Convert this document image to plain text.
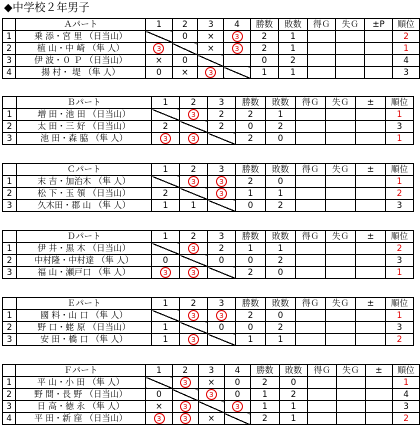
◆中学校２年男子
	Ａパート	1	2	3	4	勝数	敗数	得Ｇ	失Ｇ	±P	順位
1	乗 添・宮 里 （日当山）		0	×	3	2	1				2
2	植 山・中 崎 （隼 人）	3		×	3	2	1				1
3	伊 波・０ Ｐ （日当山）	×	0			0	2				4
4	揚 村・ 堤 （隼 人）	0	×	3		1	1				3
	Ｂパート	1	2	3	勝数	敗数	得Ｇ	失Ｇ	±	順位
1	増 田・池 田 （日当山）		3	2	2	1				1
2	太 田・三 好 （日当山）	2		2	0	2				3
3	池 田・森 脇 （隼 人）	3	3		2	0				1
	Ｃパート	1	2	3	勝数	敗数	得Ｇ	失Ｇ	±	順位
1	末 吉・加治木 （隼 人）		3	3	2	0				1
2	松 下・玉 領 （日当山）	2		3	1	1				2
3	久木田・郡 山 （隼 人）	1	1		0	2				3
	Ｄパート	1	2	3	勝数	敗数	得Ｇ	失Ｇ	±	順位
1	伊 井・黒 木 （日当山）		3	2	1	1				2
2	中村隆・中村達 （隼 人）	0		0	0	2				3
3	福 山・瀬戸口 （隼 人）	3	3		2	0				1
	Ｅパート	1	2	3	勝数	敗数	得Ｇ	失Ｇ	±	順位
1	國 料・山 口 （隼 人）		3	3	2	0				1
2	野 口・蛯 原 （日当山）	1		0	0	2				3
3	安 田・橋 口 （隼 人）	1	3		1	1				2
	Ｆパート	1	2	3	4	勝数	敗数	得Ｇ	失Ｇ	±	順位
1	平 山・小 田 （隼 人）		3	×	0	2	0				1
2	野 間・長 野 （日当山）	0		3	0	1	2				4
3	日 高・徳 永 （隼 人）	×	3		3	1	1				3
4	平 田・新 窪 （日当山）	3	3	×		2	1				2
